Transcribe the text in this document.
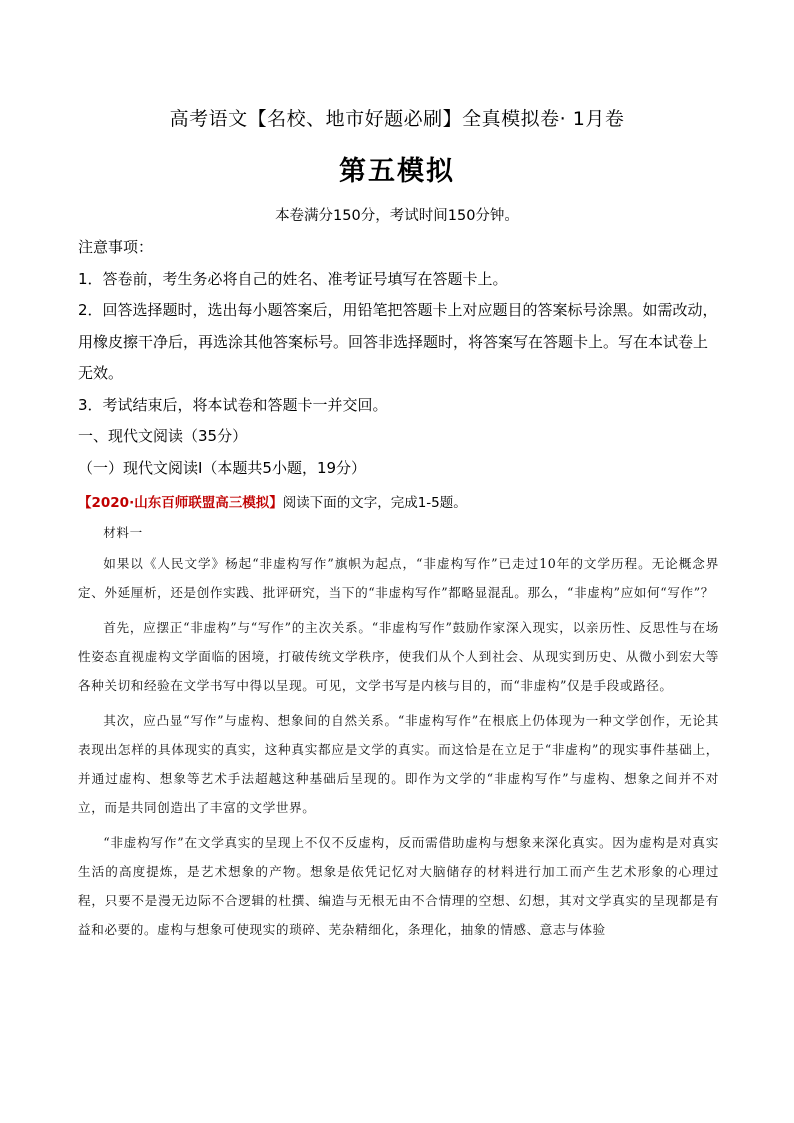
高考语文【名校、地市好题必刷】全真模拟卷· 1月卷
第五模拟
本卷满分150分，考试时间150分钟。

注意事项：

1．答卷前，考生务必将自己的姓名、准考证号填写在答题卡上。

2．回答选择题时，选出每小题答案后，用铅笔把答题卡上对应题目的答案标号涂黑。如需改动，用橡皮擦干净后，再选涂其他答案标号。回答非选择题时，将答案写在答题卡上。写在本试卷上无效。

3．考试结束后，将本试卷和答题卡一并交回。

一、现代文阅读（35分）

（一）现代文阅读Ⅰ（本题共5小题，19分）

【2020·山东百师联盟高三模拟】阅读下面的文字，完成1-5题。

材料一

如果以《人民文学》杨起“非虚构写作”旗帜为起点，“非虚构写作”已走过10年的文学历程。无论概念界定、外延厘析，还是创作实践、批评研究，当下的“非虚构写作”都略显混乱。那么，“非虚构”应如何“写作”？

首先，应摆正“非虚构”与“写作”的主次关系。“非虚构写作”鼓励作家深入现实，以亲历性、反思性与在场性姿态直视虚构文学面临的困境，打破传统文学秩序，使我们从个人到社会、从现实到历史、从微小到宏大等各种关切和经验在文学书写中得以呈现。可见，文学书写是内核与目的，而“非虚构”仅是手段或路径。

其次，应凸显“写作”与虚构、想象间的自然关系。“非虚构写作”在根底上仍体现为一种文学创作，无论其表现出怎样的具体现实的真实，这种真实都应是文学的真实。而这恰是在立足于“非虚构”的现实事件基础上，并通过虚构、想象等艺术手法超越这种基础后呈现的。即作为文学的“非虚构写作”与虚构、想象之间并不对立，而是共同创造出了丰富的文学世界。

“非虚构写作”在文学真实的呈现上不仅不反虚构，反而需借助虚构与想象来深化真实。因为虚构是对真实生活的高度提炼，是艺术想象的产物。想象是依凭记忆对大脑储存的材料进行加工而产生艺术形象的心理过程，只要不是漫无边际不合逻辑的杜撰、编造与无根无由不合情理的空想、幻想，其对文学真实的呈现都是有益和必要的。虚构与想象可使现实的琐碎、芜杂精细化，条理化，抽象的情感、意志与体验
